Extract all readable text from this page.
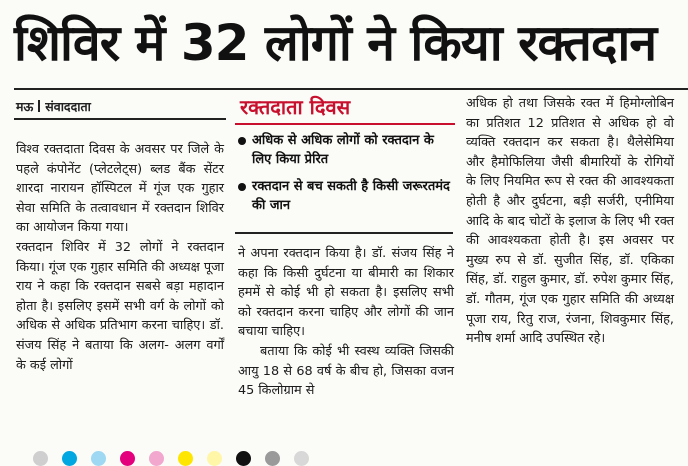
शिविर में 32 लोगों ने किया रक्तदान
मऊ संवाददाता

विश्व रक्तदाता दिवस के अवसर पर जिले के पहले कंपोनेंट (प्लेटलेट्स) ब्लड बैंक सेंटर शारदा नारायन हॉस्पिटल में गूंज एक गुहार सेवा समिति के तत्वावधान में रक्तदान शिविर का आयोजन किया गया।

रक्तदान शिविर में 32 लोगों ने रक्तदान किया। गूंज एक गुहार समिति की अध्यक्ष पूजा राय ने कहा कि रक्तदान सबसे बड़ा महादान होता है। इसलिए इसमें सभी वर्ग के लोगों को अधिक से अधिक प्रतिभाग करना चाहिए। डॉ. संजय सिंह ने बताया कि अलग- अलग वर्गों के कई लोगों

रक्तदाता दिवस
अधिक से अधिक लोगों को रक्तदान के लिए किया प्रेरित
रक्तदान से बच सकती है किसी जरूरतमंद की जान

ने अपना रक्तदान किया है। डॉ. संजय सिंह ने कहा कि किसी दुर्घटना या बीमारी का शिकार हममें से कोई भी हो सकता है। इसलिए सभी को रक्तदान करना चाहिए और लोगों की जान बचाया चाहिए।

बताया कि कोई भी स्वस्थ व्यक्ति जिसकी आयु 18 से 68 वर्ष के बीच हो, जिसका वजन 45 किलोग्राम से

अधिक हो तथा जिसके रक्त में हिमोग्लोबिन का प्रतिशत 12 प्रतिशत से अधिक हो वो व्यक्ति रक्तदान कर सकता है। थैलेसेमिया और हैमोफिलिया जैसी बीमारियों के रोगियों के लिए नियमित रूप से रक्त की आवश्यकता होती है और दुर्घटना, बड़ी सर्जरी, एनीमिया आदि के बाद चोटों के इलाज के लिए भी रक्त की आवश्यकता होती है। इस अवसर पर मुख्य रुप से डॉ. सुजीत सिंह, डॉ. एकिका सिंह, डॉ. राहुल कुमार, डॉ. रुपेश कुमार सिंह, डॉ. गौतम, गूंज एक गुहार समिति की अध्यक्ष पूजा राय, रितु राज, रंजना, शिवकुमार सिंह, मनीष शर्मा आदि उपस्थित रहे।
